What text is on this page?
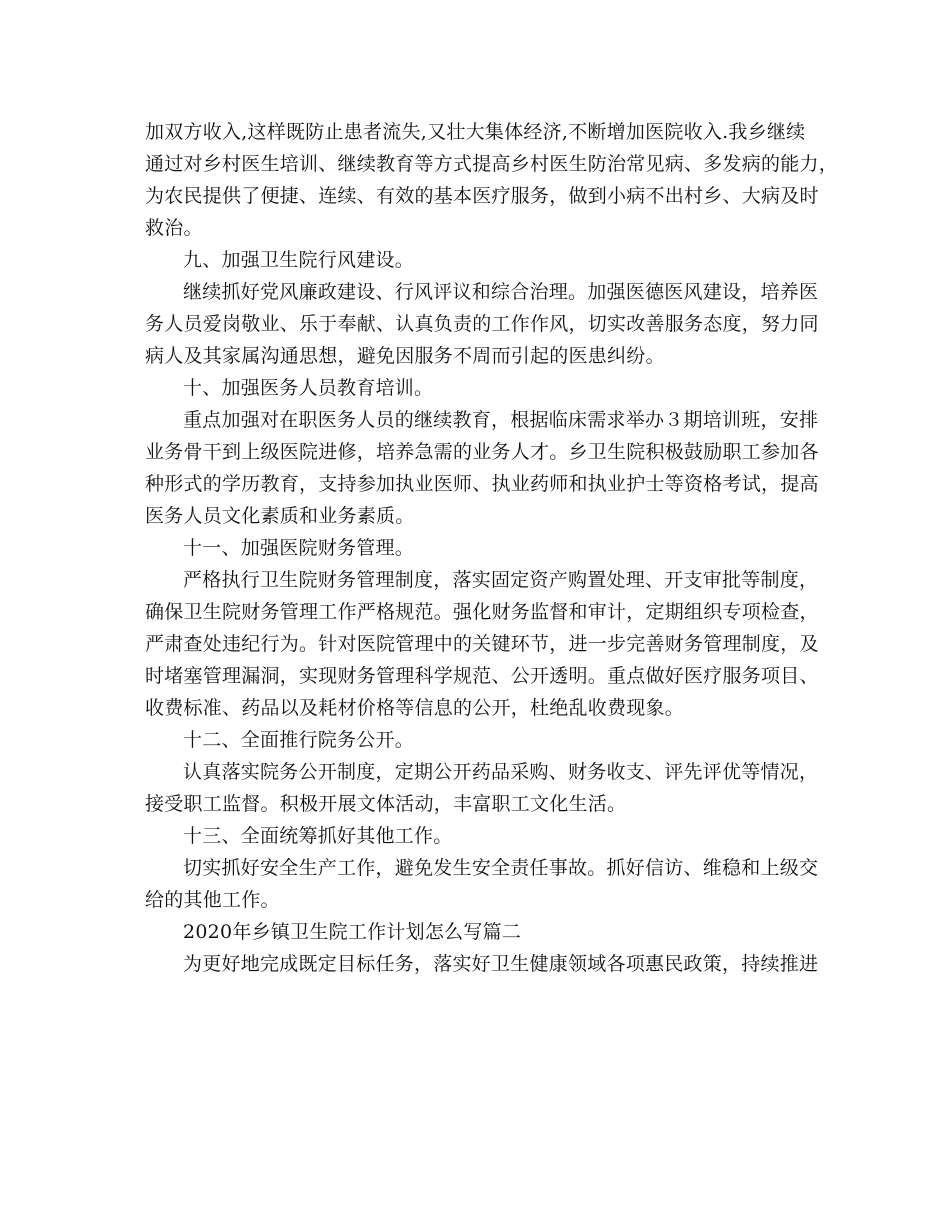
加双方收入,这样既防止患者流失,又壮大集体经济,不断增加医院收入.我乡继续
通过对乡村医生培训、继续教育等方式提高乡村医生防治常见病、多发病的能力，
为农民提供了便捷、连续、有效的基本医疗服务，做到小病不出村乡、大病及时
救治。
九、加强卫生院行风建设。
继续抓好党风廉政建设、行风评议和综合治理。加强医德医风建设，培养医
务人员爱岗敬业、乐于奉献、认真负责的工作作风，切实改善服务态度，努力同
病人及其家属沟通思想，避免因服务不周而引起的医患纠纷。
十、加强医务人员教育培训。
重点加强对在职医务人员的继续教育，根据临床需求举办３期培训班，安排
业务骨干到上级医院进修，培养急需的业务人才。乡卫生院积极鼓励职工参加各
种形式的学历教育，支持参加执业医师、执业药师和执业护士等资格考试，提高
医务人员文化素质和业务素质。
十一、加强医院财务管理。
严格执行卫生院财务管理制度，落实固定资产购置处理、开支审批等制度，
确保卫生院财务管理工作严格规范。强化财务监督和审计，定期组织专项检查，
严肃查处违纪行为。针对医院管理中的关键环节，进一步完善财务管理制度，及
时堵塞管理漏洞，实现财务管理科学规范、公开透明。重点做好医疗服务项目、
收费标准、药品以及耗材价格等信息的公开，杜绝乱收费现象。
十二、全面推行院务公开。
认真落实院务公开制度，定期公开药品采购、财务收支、评先评优等情况，
接受职工监督。积极开展文体活动，丰富职工文化生活。
十三、全面统筹抓好其他工作。
切实抓好安全生产工作，避免发生安全责任事故。抓好信访、维稳和上级交
给的其他工作。
2020年乡镇卫生院工作计划怎么写篇二
为更好地完成既定目标任务，落实好卫生健康领域各项惠民政策，持续推进
